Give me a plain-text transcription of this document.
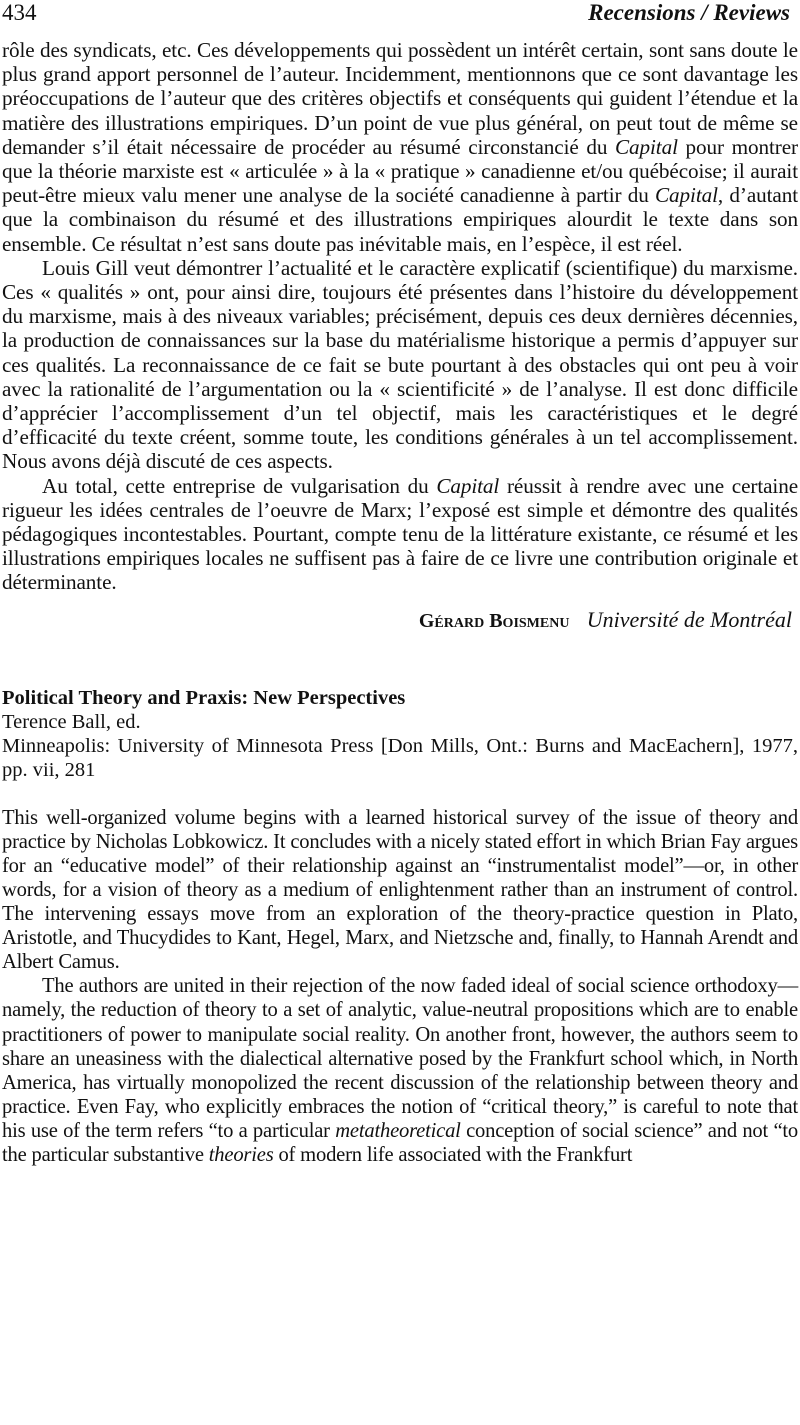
434	Recensions / Reviews

rôle des syndicats, etc. Ces développements qui possèdent un intérêt certain, sont sans doute le plus grand apport personnel de l’auteur. Incidemment, mentionnons que ce sont davantage les préoccupations de l’auteur que des critères objectifs et conséquents qui guident l’étendue et la matière des illustrations empiriques. D’un point de vue plus général, on peut tout de même se demander s’il était nécessaire de procéder au résumé circonstancié du Capital pour montrer que la théorie marxiste est « articulée » à la « pratique » canadienne et/ou québécoise; il aurait peut-être mieux valu mener une analyse de la société canadienne à partir du Capital, d’autant que la combinaison du résumé et des illustrations empiriques alourdit le texte dans son ensemble. Ce résultat n’est sans doute pas inévitable mais, en l’espèce, il est réel.

Louis Gill veut démontrer l’actualité et le caractère explicatif (scientifique) du marxisme. Ces « qualités » ont, pour ainsi dire, toujours été présentes dans l’histoire du développement du marxisme, mais à des niveaux variables; précisément, depuis ces deux dernières décennies, la production de connaissances sur la base du matérialisme historique a permis d’appuyer sur ces qualités. La reconnaissance de ce fait se bute pourtant à des obstacles qui ont peu à voir avec la rationalité de l’argumentation ou la « scientificité » de l’analyse. Il est donc difficile d’apprécier l’accomplissement d’un tel objectif, mais les caractéristiques et le degré d’efficacité du texte créent, somme toute, les conditions générales à un tel accomplissement. Nous avons déjà discuté de ces aspects.

Au total, cette entreprise de vulgarisation du Capital réussit à rendre avec une certaine rigueur les idées centrales de l’oeuvre de Marx; l’exposé est simple et démontre des qualités pédagogiques incontestables. Pourtant, compte tenu de la littérature existante, ce résumé et les illustrations empiriques locales ne suffisent pas à faire de ce livre une contribution originale et déterminante.

Gérard Boismenu Université de Montréal
Political Theory and Praxis: New Perspectives
Terence Ball, ed.
Minneapolis: University of Minnesota Press [Don Mills, Ont.: Burns and MacEachern], 1977, pp. vii, 281

This well-organized volume begins with a learned historical survey of the issue of theory and practice by Nicholas Lobkowicz. It concludes with a nicely stated effort in which Brian Fay argues for an “educative model” of their relationship against an “instrumentalist model”—or, in other words, for a vision of theory as a medium of enlightenment rather than an instrument of control. The intervening essays move from an exploration of the theory-practice question in Plato, Aristotle, and Thucydides to Kant, Hegel, Marx, and Nietzsche and, finally, to Hannah Arendt and Albert Camus.

The authors are united in their rejection of the now faded ideal of social science orthodoxy—namely, the reduction of theory to a set of analytic, value-neutral propositions which are to enable practitioners of power to manipulate social reality. On another front, however, the authors seem to share an uneasiness with the dialectical alternative posed by the Frankfurt school which, in North America, has virtually monopolized the recent discussion of the relationship between theory and practice. Even Fay, who explicitly embraces the notion of “critical theory,” is careful to note that his use of the term refers “to a particular metatheoretical conception of social science” and not “to the particular substantive theories of modern life associated with the Frankfurt
